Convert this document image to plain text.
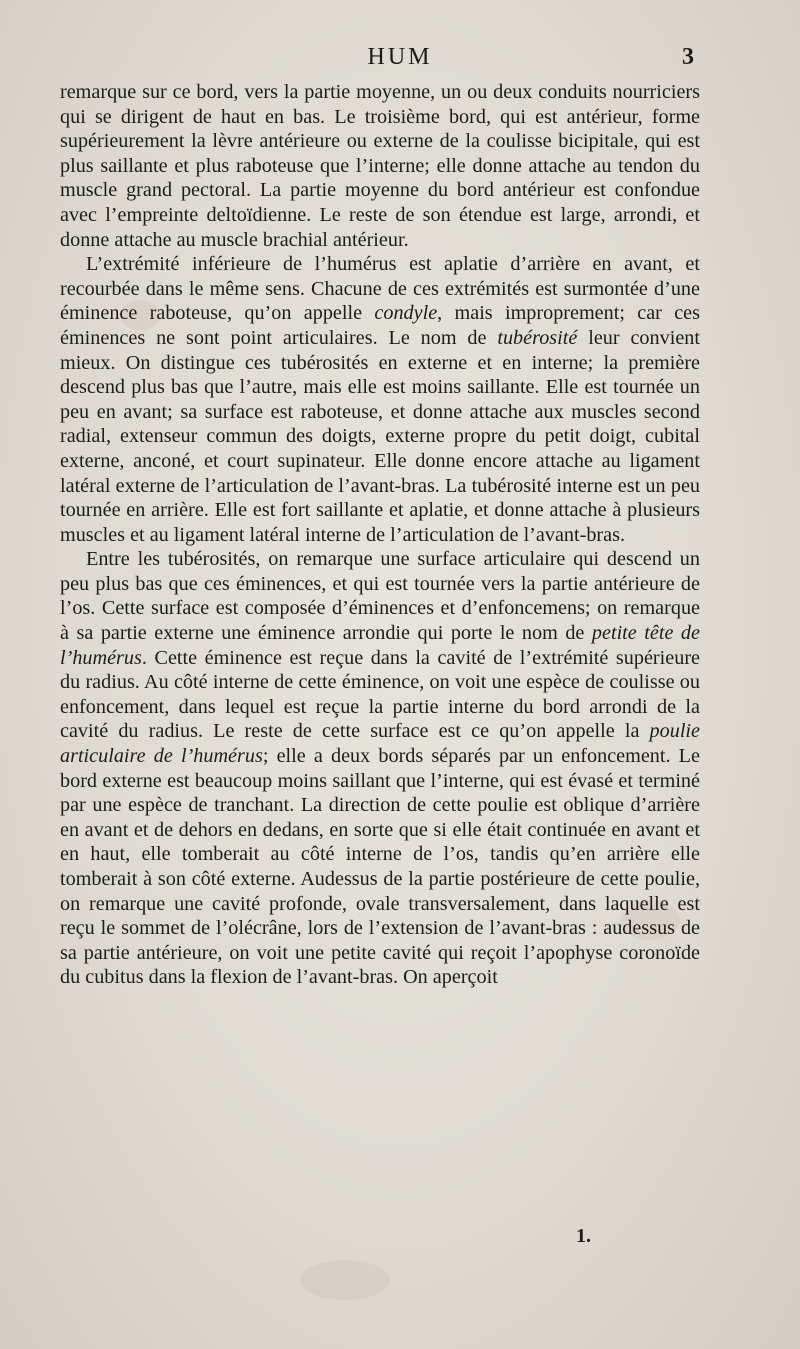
HUM	3

remarque sur ce bord, vers la partie moyenne, un ou deux conduits nourriciers qui se dirigent de haut en bas. Le troisième bord, qui est antérieur, forme supérieurement la lèvre antérieure ou externe de la coulisse bicipitale, qui est plus saillante et plus raboteuse que l’interne; elle donne attache au tendon du muscle grand pectoral. La partie moyenne du bord antérieur est confondue avec l’empreinte deltoïdienne. Le reste de son étendue est large, arrondi, et donne attache au muscle brachial antérieur.

L’extrémité inférieure de l’humérus est aplatie d’arrière en avant, et recourbée dans le même sens. Chacune de ces extrémités est surmontée d’une éminence raboteuse, qu’on appelle condyle, mais improprement; car ces éminences ne sont point articulaires. Le nom de tubérosité leur convient mieux. On distingue ces tubérosités en externe et en interne; la première descend plus bas que l’autre, mais elle est moins saillante. Elle est tournée un peu en avant; sa surface est raboteuse, et donne attache aux muscles second radial, extenseur commun des doigts, externe propre du petit doigt, cubital externe, anconé, et court supinateur. Elle donne encore attache au ligament latéral externe de l’articulation de l’avant-bras. La tubérosité interne est un peu tournée en arrière. Elle est fort saillante et aplatie, et donne attache à plusieurs muscles et au ligament latéral interne de l’articulation de l’avant-bras.

Entre les tubérosités, on remarque une surface articulaire qui descend un peu plus bas que ces éminences, et qui est tournée vers la partie antérieure de l’os. Cette surface est composée d’éminences et d’enfoncemens; on remarque à sa partie externe une éminence arrondie qui porte le nom de petite tête de l’humérus. Cette éminence est reçue dans la cavité de l’extrémité supérieure du radius. Au côté interne de cette éminence, on voit une espèce de coulisse ou enfoncement, dans lequel est reçue la partie interne du bord arrondi de la cavité du radius. Le reste de cette surface est ce qu’on appelle la poulie articulaire de l’humérus; elle a deux bords séparés par un enfoncement. Le bord externe est beaucoup moins saillant que l’interne, qui est évasé et terminé par une espèce de tranchant. La direction de cette poulie est oblique d’arrière en avant et de dehors en dedans, en sorte que si elle était continuée en avant et en haut, elle tomberait au côté interne de l’os, tandis qu’en arrière elle tomberait à son côté externe. Audessus de la partie postérieure de cette poulie, on remarque une cavité profonde, ovale transversalement, dans laquelle est reçu le sommet de l’olécrâne, lors de l’extension de l’avant-bras : audessus de sa partie antérieure, on voit une petite cavité qui reçoit l’apophyse coronoïde du cubitus dans la flexion de l’avant-bras. On aperçoit

1.
